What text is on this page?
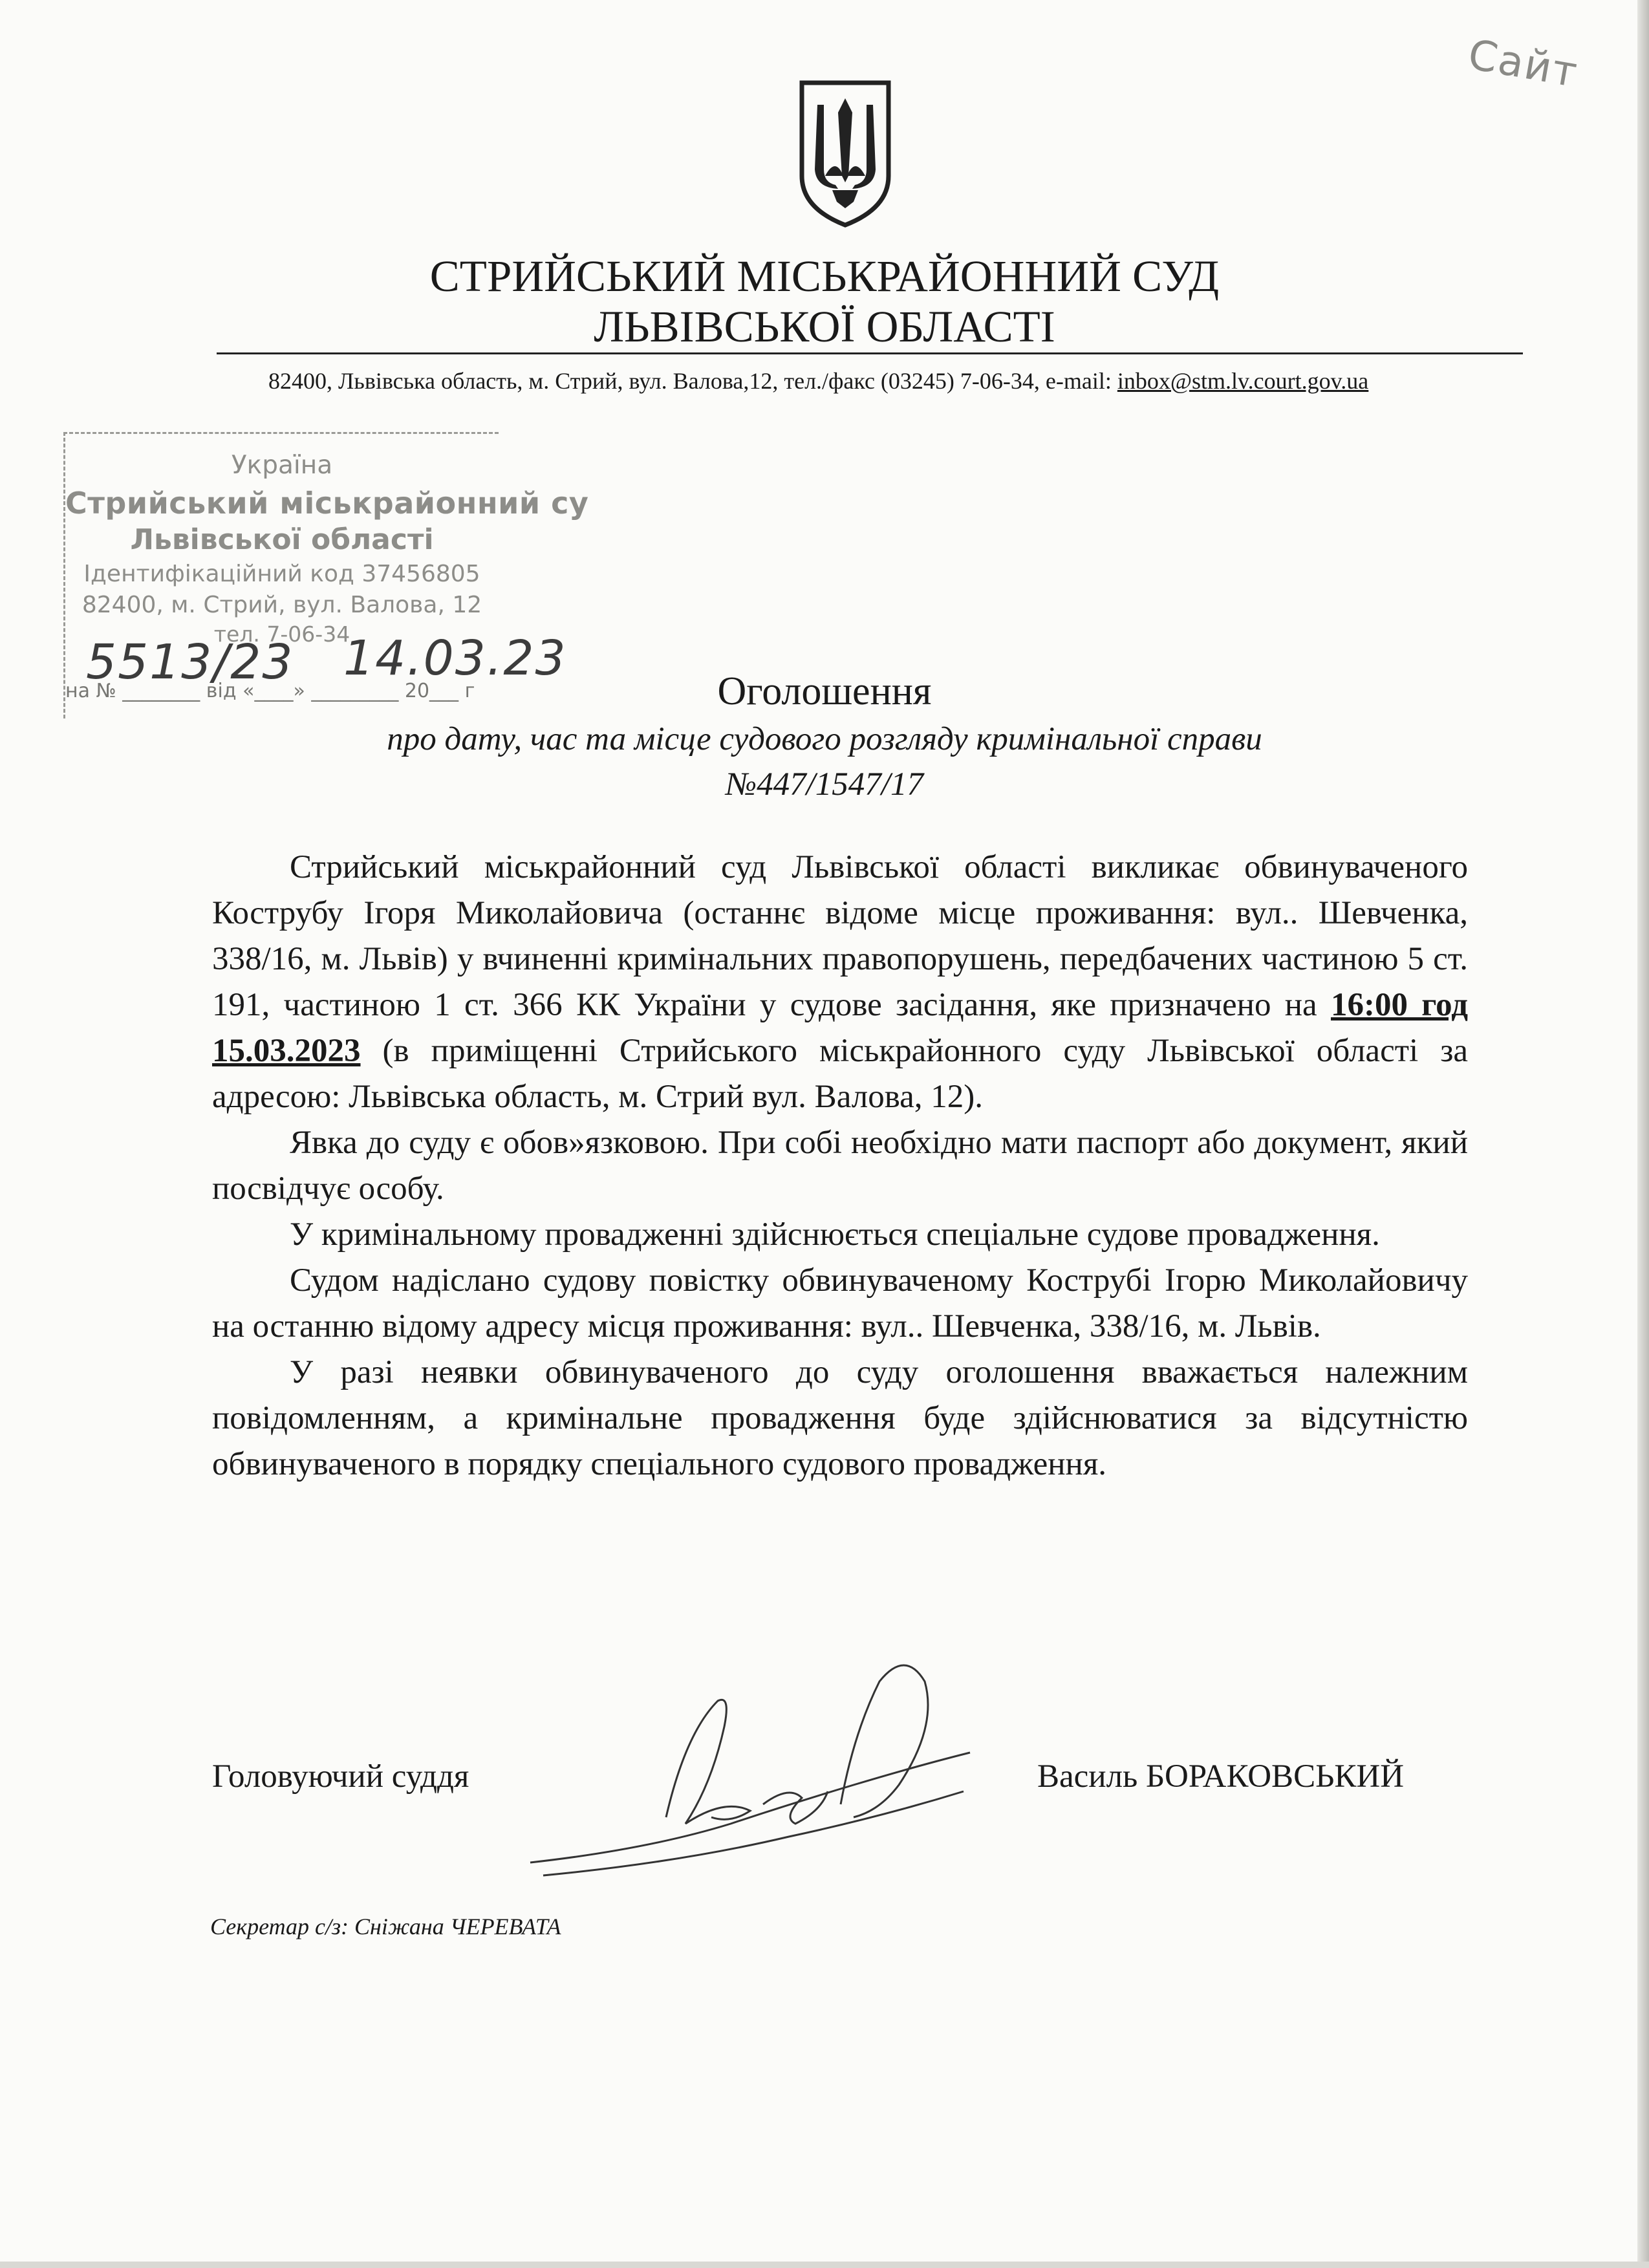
Сайт
СТРИЙСЬКИЙ МІСЬКРАЙОННИЙ СУД
ЛЬВІВСЬКОЇ ОБЛАСТІ
82400, Львівська область, м. Стрий, вул. Валова,12, тел./факс (03245) 7-06-34, e-mail: inbox@stm.lv.court.gov.ua
Україна
Стрийський міськрайонний су
Львівської області
Ідентифікаційний код 37456805
82400, м. Стрий, вул. Валова, 12
тел. 7-06-34
на № ________ від «____» _________ 20___ г
5513/23 14.03.23
Оголошення
про дату, час та місце судового розгляду кримінальної справи
№447/1547/17

Стрийський міськрайонний суд Львівської області викликає обвинуваченого Кострубу Ігоря Миколайовича (останнє відоме місце проживання: вул.. Шевченка, 338/16, м. Львів) у вчиненні кримінальних правопорушень, передбачених частиною 5 ст. 191, частиною 1 ст. 366 КК України у судове засідання, яке призначено на 16:00 год 15.03.2023 (в приміщенні Стрийського міськрайонного суду Львівської області за адресою: Львівська область, м. Стрий вул. Валова, 12).

Явка до суду є обов»язковою. При собі необхідно мати паспорт або документ, який посвідчує особу.

У кримінальному провадженні здійснюється спеціальне судове провадження.

Судом надіслано судову повістку обвинуваченому Кострубі Ігорю Миколайовичу на останню відому адресу місця проживання: вул.. Шевченка, 338/16, м. Львів.

У разі неявки обвинуваченого до суду оголошення вважається належним повідомленням, а кримінальне провадження буде здійснюватися за відсутністю обвинуваченого в порядку спеціального судового провадження.

Головуючий суддя	Василь БОРАКОВСЬКИЙ
Секретар с/з: Сніжана ЧЕРЕВАТА
